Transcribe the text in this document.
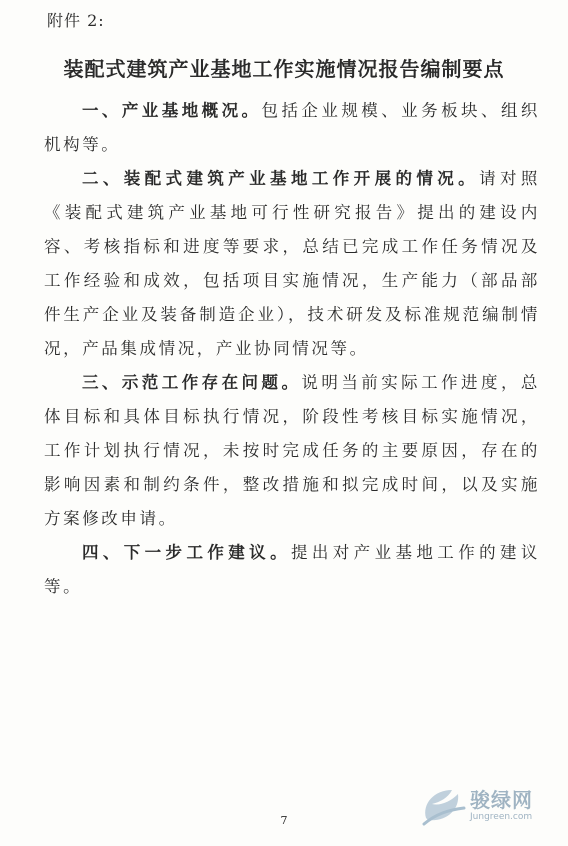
附件 2:
装配式建筑产业基地工作实施情况报告编制要点

一、产业基地概况。包括企业规模、业务板块、组织机构等。

二、装配式建筑产业基地工作开展的情况。请对照《装配式建筑产业基地可行性研究报告》提出的建设内容、考核指标和进度等要求，总结已完成工作任务情况及工作经验和成效，包括项目实施情况，生产能力（部品部件生产企业及装备制造企业），技术研发及标准规范编制情况，产品集成情况，产业协同情况等。

三、示范工作存在问题。说明当前实际工作进度，总体目标和具体目标执行情况，阶段性考核目标实施情况，工作计划执行情况，未按时完成任务的主要原因，存在的影响因素和制约条件，整改措施和拟完成时间，以及实施方案修改申请。

四、下一步工作建议。提出对产业基地工作的建议等。

7
骏绿网
Jungreen.com
